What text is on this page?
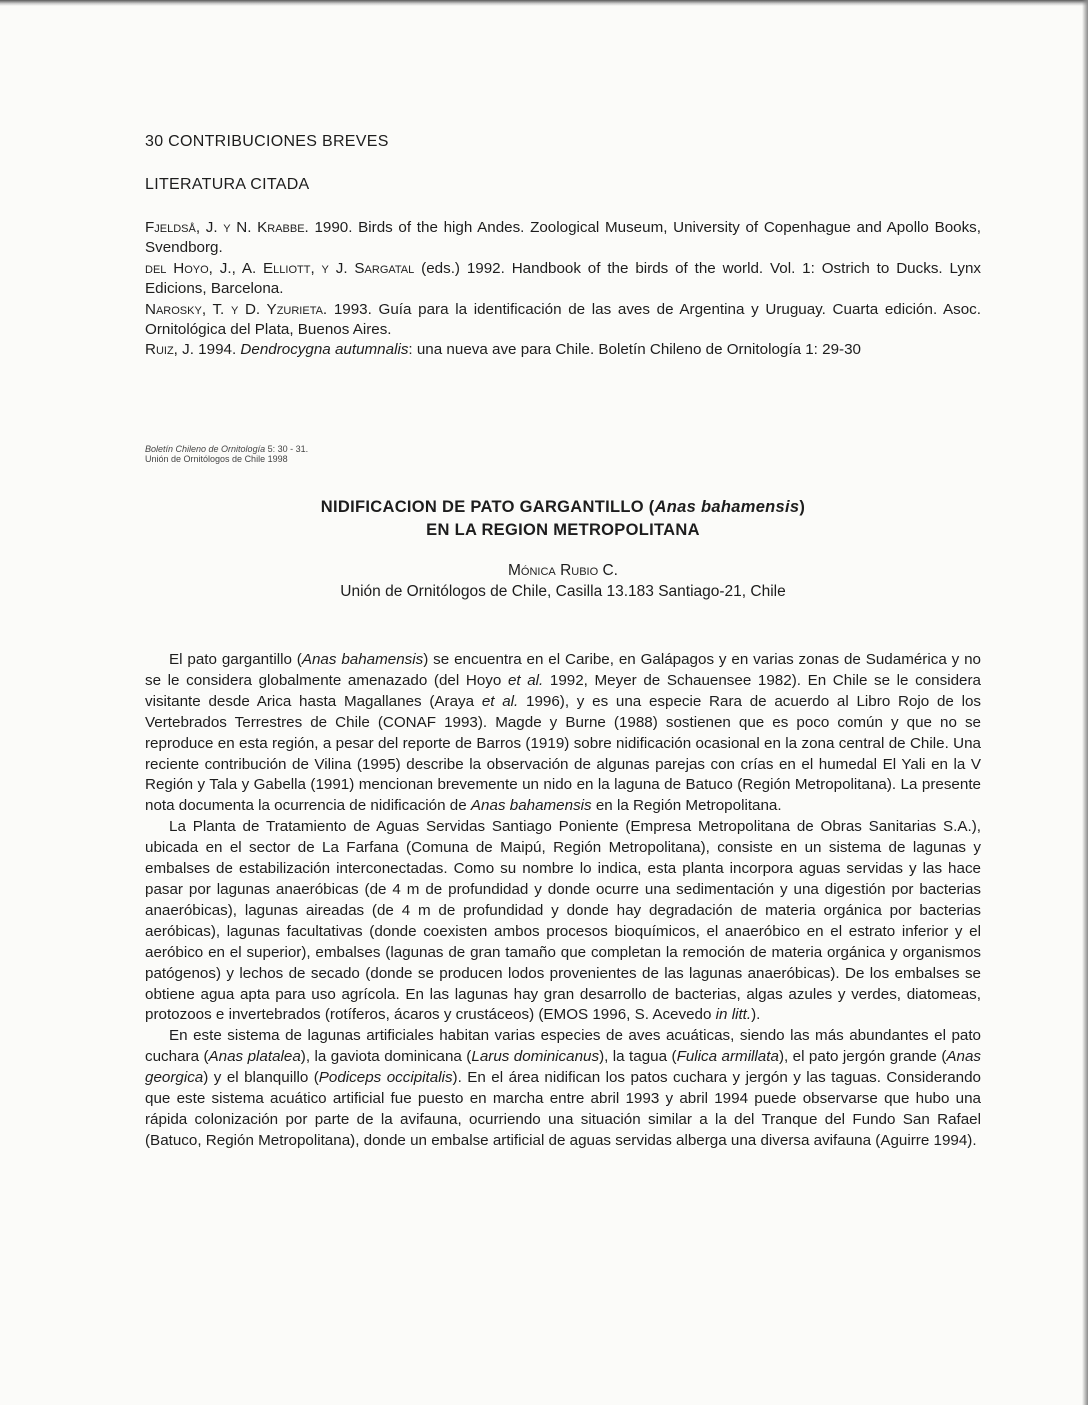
30 CONTRIBUCIONES BREVES
LITERATURA CITADA

Fjeldså, J. y N. Krabbe. 1990. Birds of the high Andes. Zoological Museum, University of Copenhague and Apollo Books, Svendborg.

del Hoyo, J., A. Elliott, y J. Sargatal (eds.) 1992. Handbook of the birds of the world. Vol. 1: Ostrich to Ducks. Lynx Edicions, Barcelona.

Narosky, T. y D. Yzurieta. 1993. Guía para la identificación de las aves de Argentina y Uruguay. Cuarta edición. Asoc. Ornitológica del Plata, Buenos Aires.

Ruiz, J. 1994. Dendrocygna autumnalis: una nueva ave para Chile. Boletín Chileno de Ornitología 1: 29-30

Boletín Chileno de Ornitología 5: 30 - 31.
Unión de Ornitólogos de Chile 1998
NIDIFICACION DE PATO GARGANTILLO (Anas bahamensis)
EN LA REGION METROPOLITANA
Mónica Rubio C.
Unión de Ornitólogos de Chile, Casilla 13.183 Santiago-21, Chile

El pato gargantillo (Anas bahamensis) se encuentra en el Caribe, en Galápagos y en varias zonas de Sudamérica y no se le considera globalmente amenazado (del Hoyo et al. 1992, Meyer de Schauensee 1982). En Chile se le considera visitante desde Arica hasta Magallanes (Araya et al. 1996), y es una especie Rara de acuerdo al Libro Rojo de los Vertebrados Terrestres de Chile (CONAF 1993). Magde y Burne (1988) sostienen que es poco común y que no se reproduce en esta región, a pesar del reporte de Barros (1919) sobre nidificación ocasional en la zona central de Chile. Una reciente contribución de Vilina (1995) describe la observación de algunas parejas con crías en el humedal El Yali en la V Región y Tala y Gabella (1991) mencionan brevemente un nido en la laguna de Batuco (Región Metropolitana). La presente nota documenta la ocurrencia de nidificación de Anas bahamensis en la Región Metropolitana.

La Planta de Tratamiento de Aguas Servidas Santiago Poniente (Empresa Metropolitana de Obras Sanitarias S.A.), ubicada en el sector de La Farfana (Comuna de Maipú, Región Metropolitana), consiste en un sistema de lagunas y embalses de estabilización interconectadas. Como su nombre lo indica, esta planta incorpora aguas servidas y las hace pasar por lagunas anaeróbicas (de 4 m de profundidad y donde ocurre una sedimentación y una digestión por bacterias anaeróbicas), lagunas aireadas (de 4 m de profundidad y donde hay degradación de materia orgánica por bacterias aeróbicas), lagunas facultativas (donde coexisten ambos procesos bioquímicos, el anaeróbico en el estrato inferior y el aeróbico en el superior), embalses (lagunas de gran tamaño que completan la remoción de materia orgánica y organismos patógenos) y lechos de secado (donde se producen lodos provenientes de las lagunas anaeróbicas). De los embalses se obtiene agua apta para uso agrícola. En las lagunas hay gran desarrollo de bacterias, algas azules y verdes, diatomeas, protozoos e invertebrados (rotíferos, ácaros y crustáceos) (EMOS 1996, S. Acevedo in litt.).

En este sistema de lagunas artificiales habitan varias especies de aves acuáticas, siendo las más abundantes el pato cuchara (Anas platalea), la gaviota dominicana (Larus dominicanus), la tagua (Fulica armillata), el pato jergón grande (Anas georgica) y el blanquillo (Podiceps occipitalis). En el área nidifican los patos cuchara y jergón y las taguas. Considerando que este sistema acuático artificial fue puesto en marcha entre abril 1993 y abril 1994 puede observarse que hubo una rápida colonización por parte de la avifauna, ocurriendo una situación similar a la del Tranque del Fundo San Rafael (Batuco, Región Metropolitana), donde un embalse artificial de aguas servidas alberga una diversa avifauna (Aguirre 1994).
